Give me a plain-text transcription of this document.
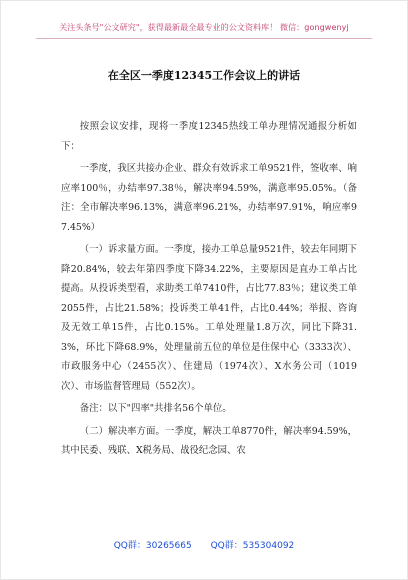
关注头条号"公文研究"，获得最新最全最专业的公文资料库！ 微信：gongwenyj
在全区一季度12345工作会议上的讲话

按照会议安排，现将一季度12345热线工单办理情况通报分析如下：

一季度，我区共接办企业、群众有效诉求工单9521件，签收率、响应率100％，办结率97.38％，解决率94.59%，满意率95.05%。（备注：全市解决率96.13%，满意率96.21%，办结率97.91%，响应率97.45%）

（一）诉求量方面。一季度，接办工单总量9521件，较去年同期下降20.84%，较去年第四季度下降34.22%，主要原因是直办工单占比提高。从投诉类型看，求助类工单7410件，占比77.83％；建议类工单2055件，占比21.58%；投诉类工单41件，占比0.44%；举报、咨询及无效工单15件，占比0.15%。工单处理量1.8万次，同比下降31.3%，环比下降68.9%，处理量前五位的单位是住保中心（3333次）、市政服务中心（2455次）、住建局（1974次）、X水务公司（1019次）、市场监督管理局（552次）。

备注：以下"四率"共排名56个单位。

（二）解决率方面。一季度，解决工单8770件，解决率94.59%，其中民委、残联、X税务局、战役纪念园、农

QQ群：30265665 QQ群：535304092
